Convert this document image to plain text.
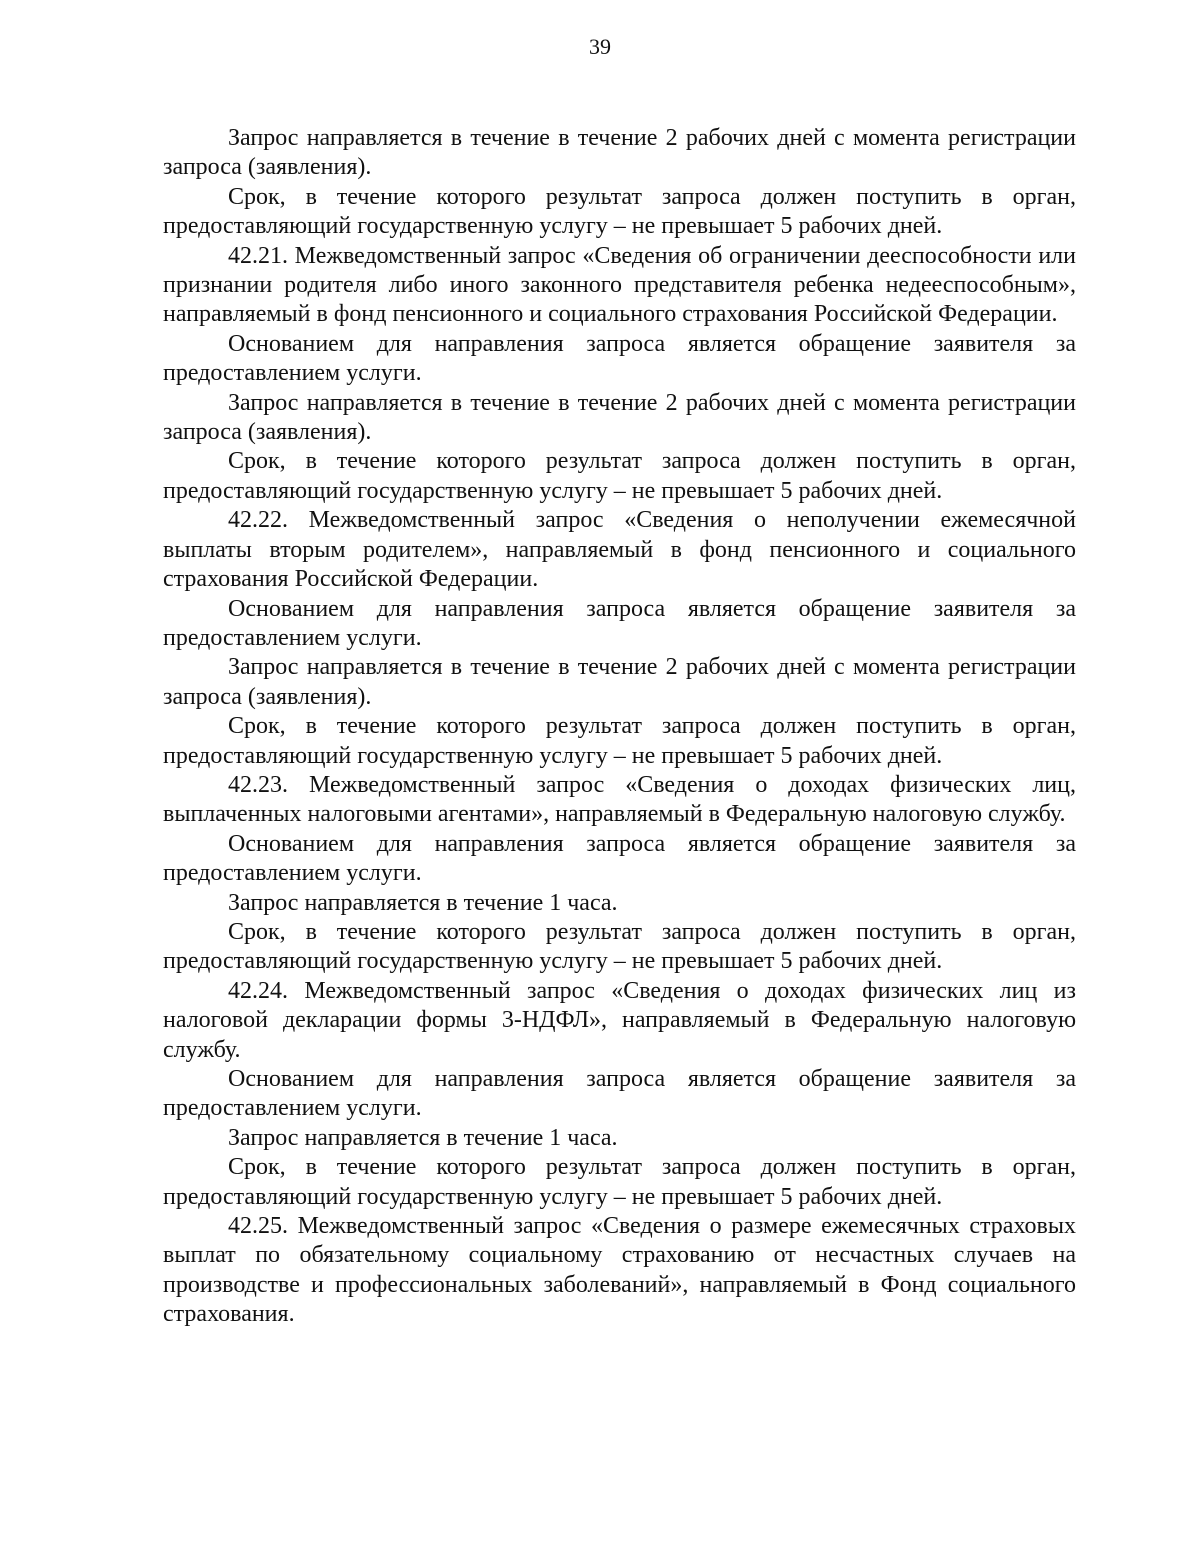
39

Запрос направляется в течение в течение 2 рабочих дней с момента регистрации запроса (заявления).

Срок, в течение которого результат запроса должен поступить в орган, предоставляющий государственную услугу – не превышает 5 рабочих дней.

42.21. Межведомственный запрос «Сведения об ограничении дееспособности или признании родителя либо иного законного представителя ребенка недееспособным», направляемый в фонд пенсионного и социального страхования Российской Федерации.

Основанием для направления запроса является обращение заявителя за предоставлением услуги.

Запрос направляется в течение в течение 2 рабочих дней с момента регистрации запроса (заявления).

Срок, в течение которого результат запроса должен поступить в орган, предоставляющий государственную услугу – не превышает 5 рабочих дней.

42.22. Межведомственный запрос «Сведения о неполучении ежемесячной выплаты вторым родителем», направляемый в фонд пенсионного и социального страхования Российской Федерации.

Основанием для направления запроса является обращение заявителя за предоставлением услуги.

Запрос направляется в течение в течение 2 рабочих дней с момента регистрации запроса (заявления).

Срок, в течение которого результат запроса должен поступить в орган, предоставляющий государственную услугу – не превышает 5 рабочих дней.

42.23. Межведомственный запрос «Сведения о доходах физических лиц, выплаченных налоговыми агентами», направляемый в Федеральную налоговую службу.

Основанием для направления запроса является обращение заявителя за предоставлением услуги.

Запрос направляется в течение 1 часа.

Срок, в течение которого результат запроса должен поступить в орган, предоставляющий государственную услугу – не превышает 5 рабочих дней.

42.24. Межведомственный запрос «Сведения о доходах физических лиц из налоговой декларации формы 3-НДФЛ», направляемый в Федеральную налоговую службу.

Основанием для направления запроса является обращение заявителя за предоставлением услуги.

Запрос направляется в течение 1 часа.

Срок, в течение которого результат запроса должен поступить в орган, предоставляющий государственную услугу – не превышает 5 рабочих дней.

42.25. Межведомственный запрос «Сведения о размере ежемесячных страховых выплат по обязательному социальному страхованию от несчастных случаев на производстве и профессиональных заболеваний», направляемый в Фонд социального страхования.
